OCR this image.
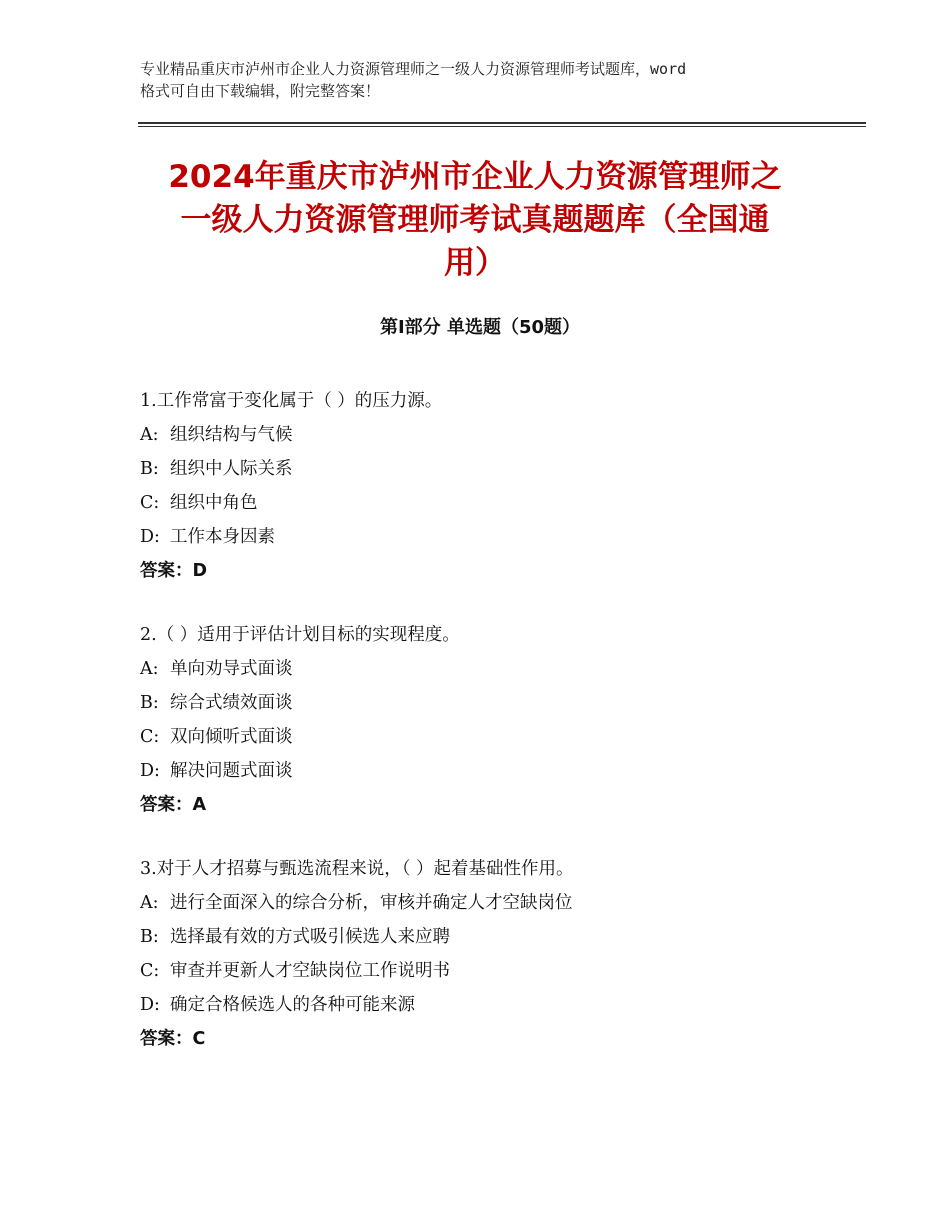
专业精品重庆市泸州市企业人力资源管理师之一级人力资源管理师考试题库，word
格式可自由下载编辑，附完整答案！
2024年重庆市泸州市企业人力资源管理师之
一级人力资源管理师考试真题题库（全国通
用）
第Ⅰ部分 单选题（50题）
1.工作常富于变化属于（ ）的压力源。
A: 组织结构与气候
B: 组织中人际关系
C: 组织中角色
D: 工作本身因素
答案：D
2.（ ）适用于评估计划目标的实现程度。
A: 单向劝导式面谈
B: 综合式绩效面谈
C: 双向倾听式面谈
D: 解决问题式面谈
答案：A
3.对于人才招募与甄选流程来说，（ ）起着基础性作用。
A: 进行全面深入的综合分析，审核并确定人才空缺岗位
B: 选择最有效的方式吸引候选人来应聘
C: 审查并更新人才空缺岗位工作说明书
D: 确定合格候选人的各种可能来源
答案：C
